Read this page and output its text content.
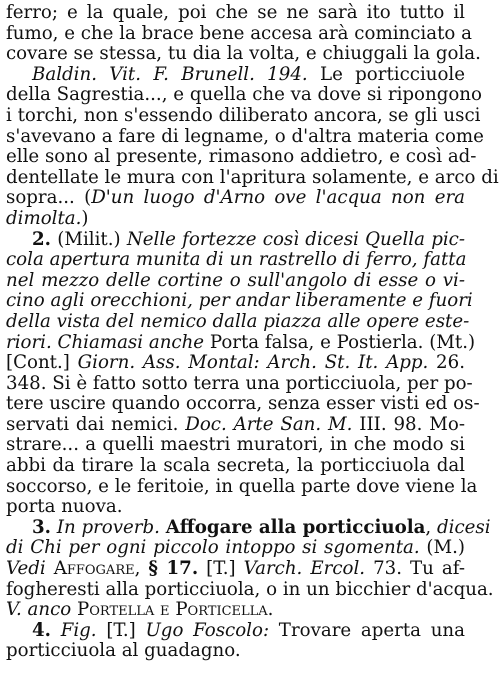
ferro; e la quale, poi che se ne sarà ito tutto il
fumo, e che la brace bene accesa arà cominciato a
covare se stessa, tu dia la volta, e chiuggali la gola.
Baldin. Vit. F. Brunell. 194. Le porticciuole
della Sagrestia..., e quella che va dove si ripongono
i torchi, non s'essendo diliberato ancora, se gli usci
s'avevano a fare di legname, o d'altra materia come
elle sono al presente, rimasono addietro, e così ad-
dentellate le mura con l'apritura solamente, e arco di
sopra... (D'un luogo d'Arno ove l'acqua non era
dimolta.)
2. (Milit.) Nelle fortezze così dicesi Quella pic-
cola apertura munita di un rastrello di ferro, fatta
nel mezzo delle cortine o sull'angolo di esse o vi-
cino agli orecchioni, per andar liberamente e fuori
della vista del nemico dalla piazza alle opere este-
riori. Chiamasi anche Porta falsa, e Postierla. (Mt.)
[Cont.] Giorn. Ass. Montal: Arch. St. It. App. 26.
348. Si è fatto sotto terra una porticciuola, per po-
tere uscire quando occorra, senza esser visti ed os-
servati dai nemici. Doc. Arte San. M. III. 98. Mo-
strare... a quelli maestri muratori, in che modo si
abbi da tirare la scala secreta, la porticciuola dal
soccorso, e le feritoie, in quella parte dove viene la
porta nuova.
3. In proverb. Affogare alla porticciuola, dicesi
di Chi per ogni piccolo intoppo si sgomenta. (M.)
Vedi Affogare, § 17. [T.] Varch. Ercol. 73. Tu af-
fogheresti alla porticciuola, o in un bicchier d'acqua.
V. anco Portella e Porticella.
4. Fig. [T.] Ugo Foscolo: Trovare aperta una
porticciuola al guadagno.
